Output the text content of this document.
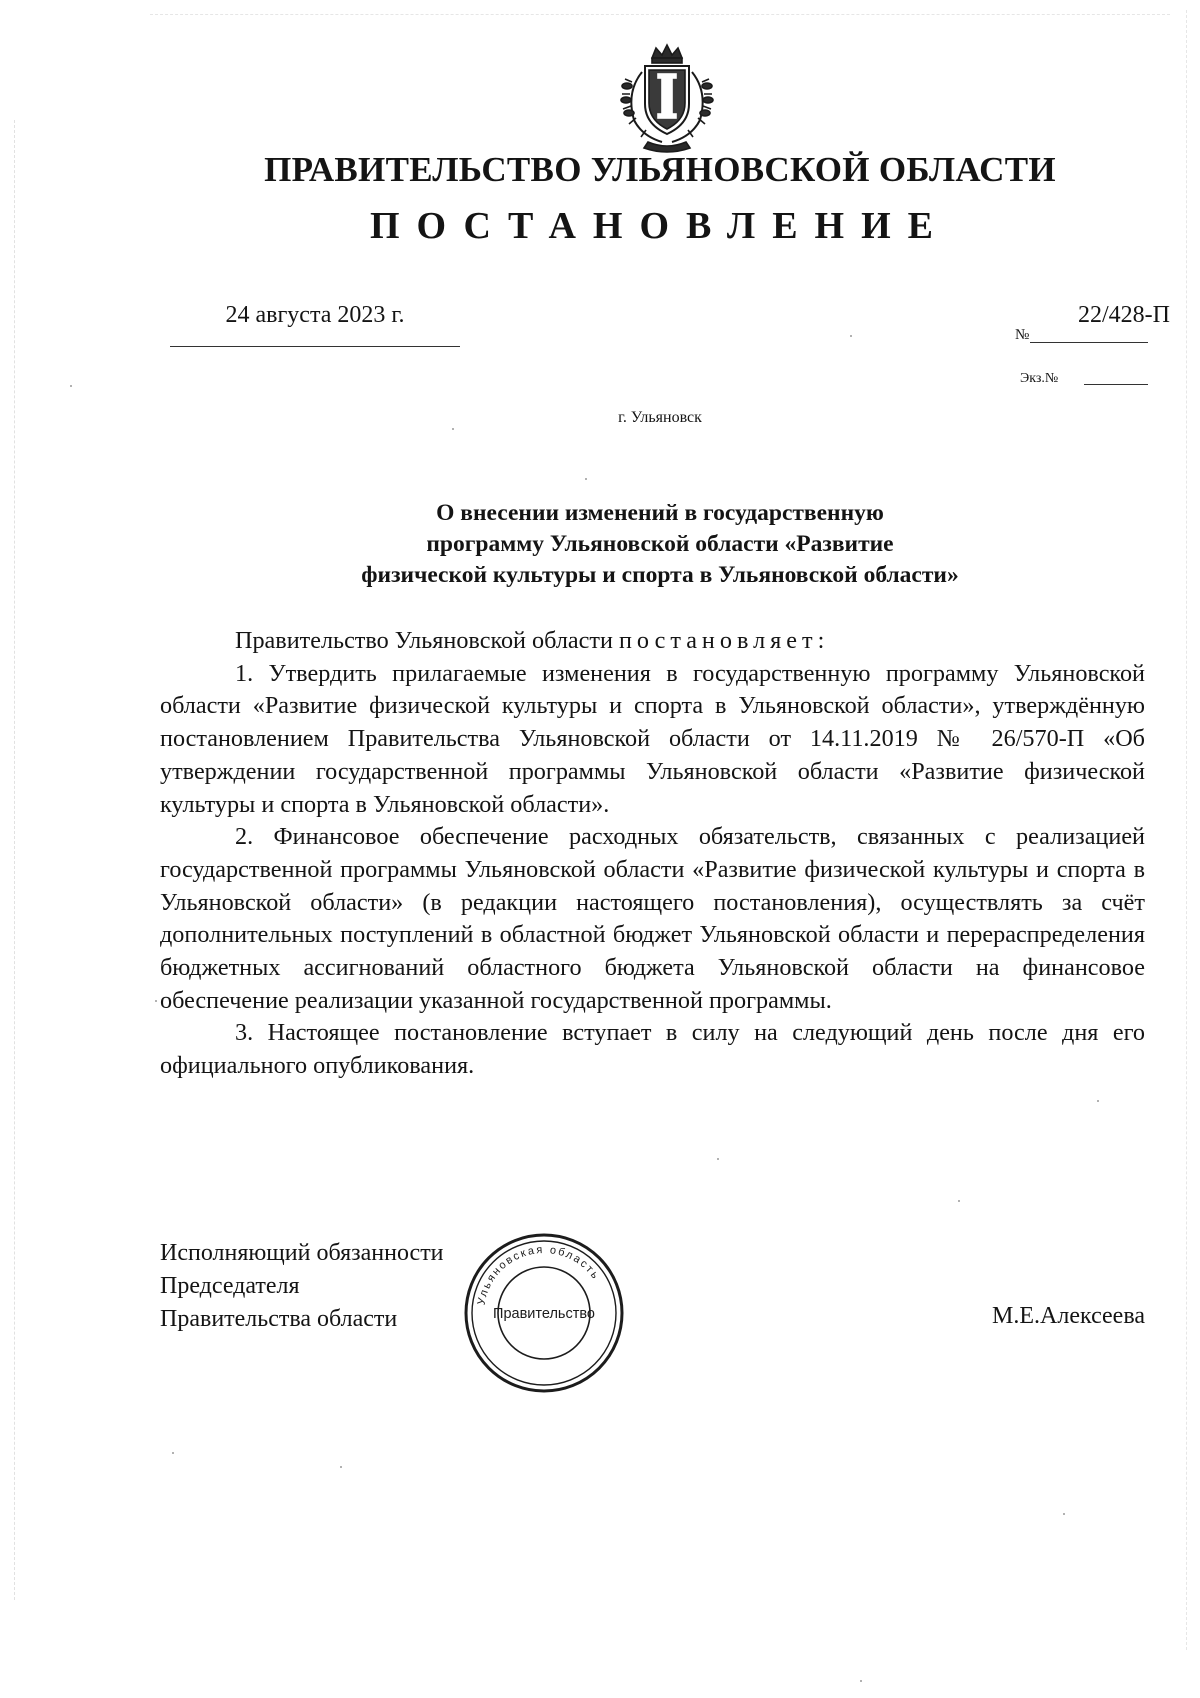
ПРАВИТЕЛЬСТВО УЛЬЯНОВСКОЙ ОБЛАСТИ
ПОСТАНОВЛЕНИЕ
24 августа 2023 г.
№
22/428-П
Экз.№
г. Ульяновск
О внесении изменений в государственную
программу Ульяновской области «Развитие
физической культуры и спорта в Ульяновской области»

Правительство Ульяновской области постановляет:

1. Утвердить прилагаемые изменения в государственную программу Ульяновской области «Развитие физической культуры и спорта в Ульяновской области», утверждённую постановлением Правительства Ульяновской области от 14.11.2019 № 26/570-П «Об утверждении государственной программы Ульяновской области «Развитие физической культуры и спорта в Ульяновской области».

2. Финансовое обеспечение расходных обязательств, связанных с реализацией государственной программы Ульяновской области «Развитие физической культуры и спорта в Ульяновской области» (в редакции настоящего постановления), осуществлять за счёт дополнительных поступлений в областной бюджет Ульяновской области и перераспределения бюджетных ассигнований областного бюджета Ульяновской области на финансовое обеспечение реализации указанной государственной программы.

3. Настоящее постановление вступает в силу на следующий день после дня его официального опубликования.

Исполняющий обязанности
Председателя
Правительства области	М.Е.Алексеева
Ульяновская область
Правительство
